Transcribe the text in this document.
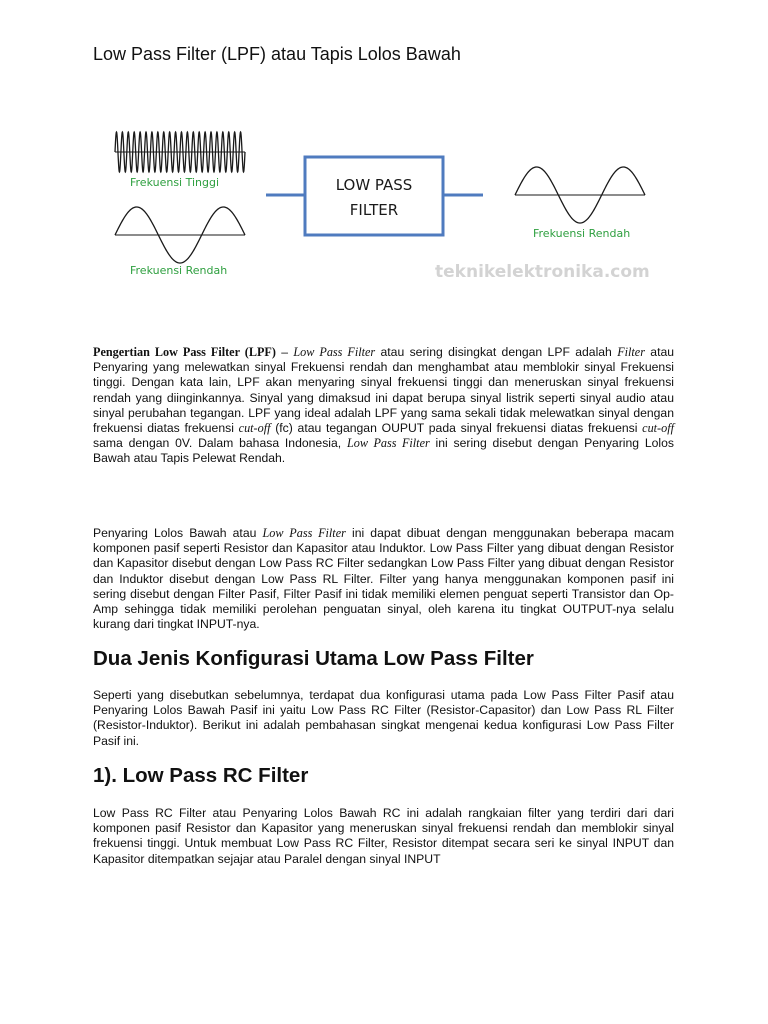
Low Pass Filter (LPF) atau Tapis Lolos Bawah
Frekuensi Tinggi
Frekuensi Rendah
LOW PASS
FILTER
Frekuensi Rendah
teknikelektronika.com

Pengertian Low Pass Filter (LPF) – Low Pass Filter atau sering disingkat dengan LPF adalah Filter atau Penyaring yang melewatkan sinyal Frekuensi rendah dan menghambat atau memblokir sinyal Frekuensi tinggi. Dengan kata lain, LPF akan menyaring sinyal frekuensi tinggi dan meneruskan sinyal frekuensi rendah yang diinginkannya. Sinyal yang dimaksud ini dapat berupa sinyal listrik seperti sinyal audio atau sinyal perubahan tegangan. LPF yang ideal adalah LPF yang sama sekali tidak melewatkan sinyal dengan frekuensi diatas frekuensi cut-off (fc) atau tegangan OUPUT pada sinyal frekuensi diatas frekuensi cut-off sama dengan 0V. Dalam bahasa Indonesia, Low Pass Filter ini sering disebut dengan Penyaring Lolos Bawah atau Tapis Pelewat Rendah.

Penyaring Lolos Bawah atau Low Pass Filter ini dapat dibuat dengan menggunakan beberapa macam komponen pasif seperti Resistor dan Kapasitor atau Induktor. Low Pass Filter yang dibuat dengan Resistor dan Kapasitor disebut dengan Low Pass RC Filter sedangkan Low Pass Filter yang dibuat dengan Resistor dan Induktor disebut dengan Low Pass RL Filter. Filter yang hanya menggunakan komponen pasif ini sering disebut dengan Filter Pasif, Filter Pasif ini tidak memiliki elemen penguat seperti Transistor dan Op-Amp sehingga tidak memiliki perolehan penguatan sinyal, oleh karena itu tingkat OUTPUT-nya selalu kurang dari tingkat INPUT-nya.

Dua Jenis Konfigurasi Utama Low Pass Filter

Seperti yang disebutkan sebelumnya, terdapat dua konfigurasi utama pada Low Pass Filter Pasif atau Penyaring Lolos Bawah Pasif ini yaitu Low Pass RC Filter (Resistor-Capasitor) dan Low Pass RL Filter (Resistor-Induktor). Berikut ini adalah pembahasan singkat mengenai kedua konfigurasi Low Pass Filter Pasif ini.

1). Low Pass RC Filter

Low Pass RC Filter atau Penyaring Lolos Bawah RC ini adalah rangkaian filter yang terdiri dari dari komponen pasif Resistor dan Kapasitor yang meneruskan sinyal frekuensi rendah dan memblokir sinyal frekuensi tinggi. Untuk membuat Low Pass RC Filter, Resistor ditempat secara seri ke sinyal INPUT dan Kapasitor ditempatkan sejajar atau Paralel dengan sinyal INPUT
